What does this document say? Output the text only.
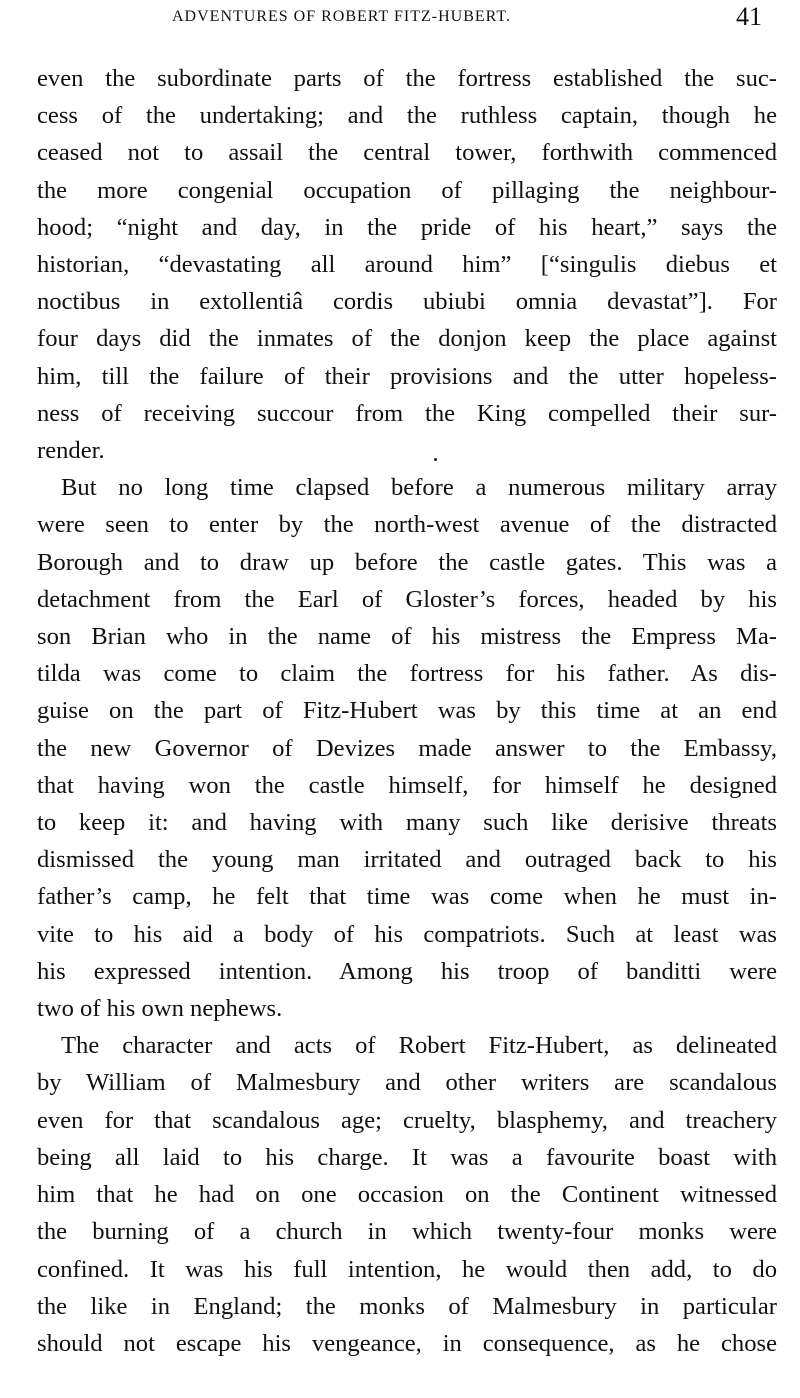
ADVENTURES OF ROBERT FITZ-HUBERT.	41
even the subordinate parts of the fortress established the suc-
cess of the undertaking; and the ruthless captain, though he
ceased not to assail the central tower, forthwith commenced
the more congenial occupation of pillaging the neighbour-
hood; “night and day, in the pride of his heart,” says the
historian, “devastating all around him” [“singulis diebus et
noctibus in extollentiâ cordis ubiubi omnia devastat”]. For
four days did the inmates of the donjon keep the place against
him, till the failure of their provisions and the utter hopeless-
ness of receiving succour from the King compelled their sur-
render.
But no long time clapsed before a numerous military array
were seen to enter by the north-west avenue of the distracted
Borough and to draw up before the castle gates. This was a
detachment from the Earl of Gloster’s forces, headed by his
son Brian who in the name of his mistress the Empress Ma-
tilda was come to claim the fortress for his father. As dis-
guise on the part of Fitz-Hubert was by this time at an end
the new Governor of Devizes made answer to the Embassy,
that having won the castle himself, for himself he designed
to keep it: and having with many such like derisive threats
dismissed the young man irritated and outraged back to his
father’s camp, he felt that time was come when he must in-
vite to his aid a body of his compatriots. Such at least was
his expressed intention. Among his troop of banditti were
two of his own nephews.
The character and acts of Robert Fitz-Hubert, as delineated
by William of Malmesbury and other writers are scandalous
even for that scandalous age; cruelty, blasphemy, and treachery
being all laid to his charge. It was a favourite boast with
him that he had on one occasion on the Continent witnessed
the burning of a church in which twenty-four monks were
confined. It was his full intention, he would then add, to do
the like in England; the monks of Malmesbury in particular
should not escape his vengeance, in consequence, as he chose
